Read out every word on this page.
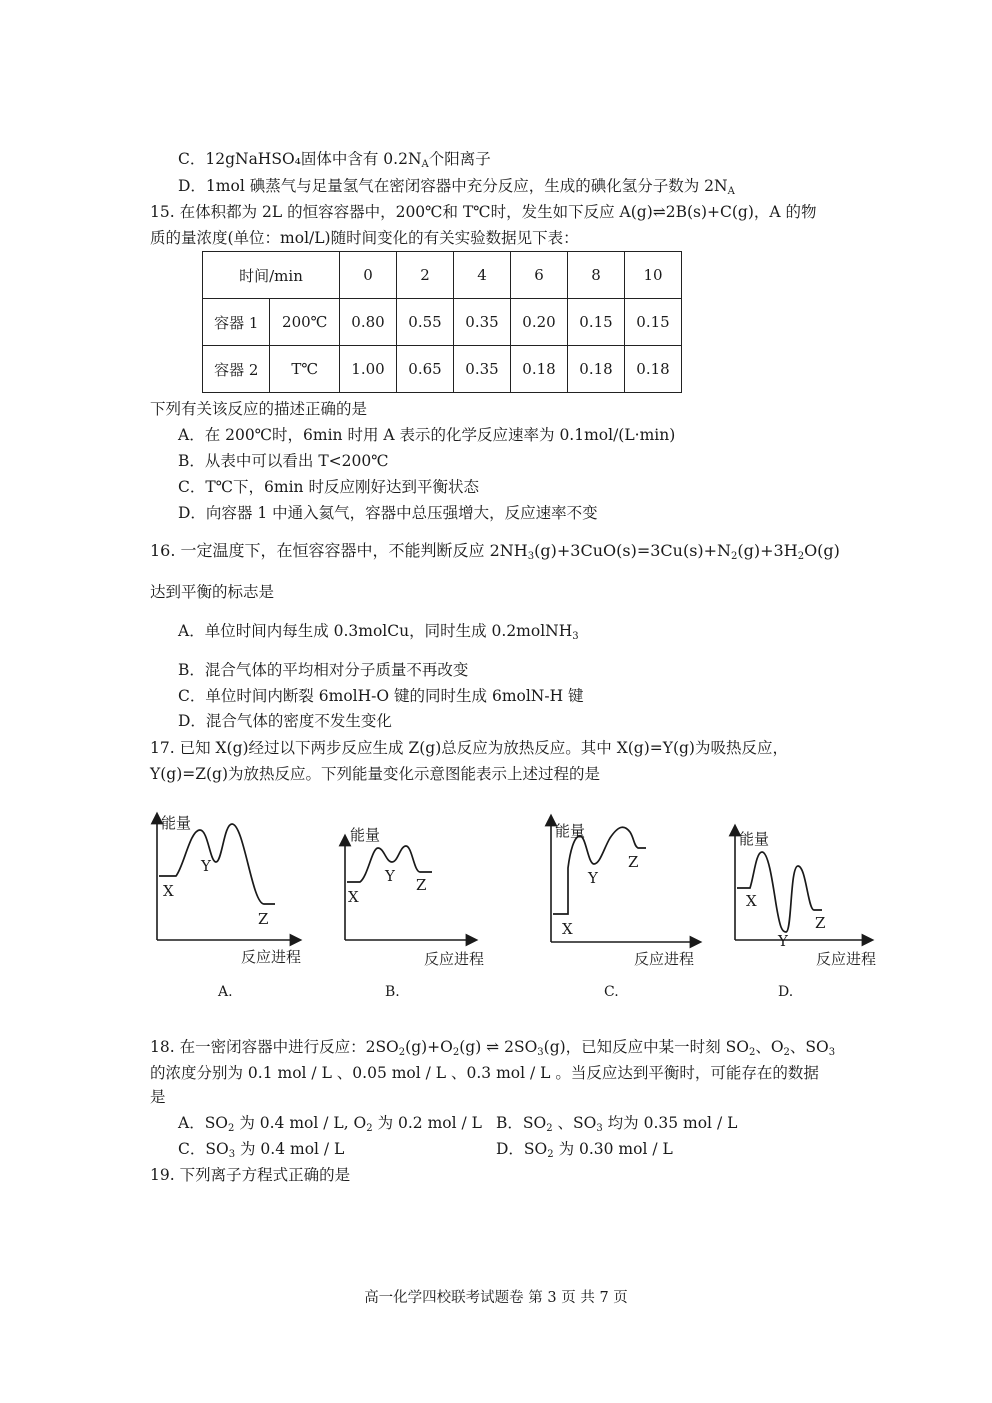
C．12gNaHSO₄固体中含有 $0.2N_A$个阳离子
D．1mol 碘蒸气与足量氢气在密闭容器中充分反应，生成的碘化氢分子数为 $2N_A$
15. 在体积都为 2L 的恒容容器中，200℃和 T℃时，发生如下反应 A(g)⇌2B(s)+C(g)，A 的物
质的量浓度(单位：mol/L)随时间变化的有关实验数据见下表：
时间/min		0	2	4	6	8	10
容器 1	200℃	0.80	0.55	0.35	0.20	0.15	0.15
容器 2	T℃	1.00	0.65	0.35	0.18	0.18	0.18
下列有关该反应的描述正确的是
A．在 200℃时，6min 时用 A 表示的化学反应速率为 0.1mol/(L·min)
B．从表中可以看出 T<200℃
C．T℃下，6min 时反应刚好达到平衡状态
D．向容器 1 中通入氦气，容器中总压强增大，反应速率不变
16. 一定温度下，在恒容容器中，不能判断反应 $2NH_3(g)+3CuO(s)=3Cu(s)+N_2(g)+3H_2O(g)$
达到平衡的标志是
A．单位时间内每生成 0.3molCu，同时生成 0.2molNH$_3$
B．混合气体的平均相对分子质量不再改变
C．单位时间内断裂 6molH-O 键的同时生成 6molN-H 键
D．混合气体的密度不发生变化
17. 已知 X(g)经过以下两步反应生成 Z(g)总反应为放热反应。其中 X(g)=Y(g)为吸热反应，
Y(g)=Z(g)为放热反应。下列能量变化示意图能表示上述过程的是
能量
X
Y
Z
反应进程
A.
能量
X
Y Z
反应进程
B.
能量
X
Y
Z
反应进程
C.
能量
X
Y
Z
反应进程
D.
18. 在一密闭容器中进行反应：$2SO_2(g)+O_2(g)$ ⇌ $2SO_3(g)$，已知反应中某一时刻 $SO_2$、$O_2$、$SO_3$
的浓度分别为 0.1 mol / L 、0.05 mol / L 、0.3 mol / L 。当反应达到平衡时，可能存在的数据
是
A．$SO_2$ 为 0.4 mol / L, $O_2$ 为 0.2 mol / L B．$SO_2$ 、$SO_3$ 均为 0.35 mol / L
C．$SO_3$ 为 0.4 mol / L	D．$SO_2$ 为 0.30 mol / L
19. 下列离子方程式正确的是
高一化学四校联考试题卷 第 3 页 共 7 页
